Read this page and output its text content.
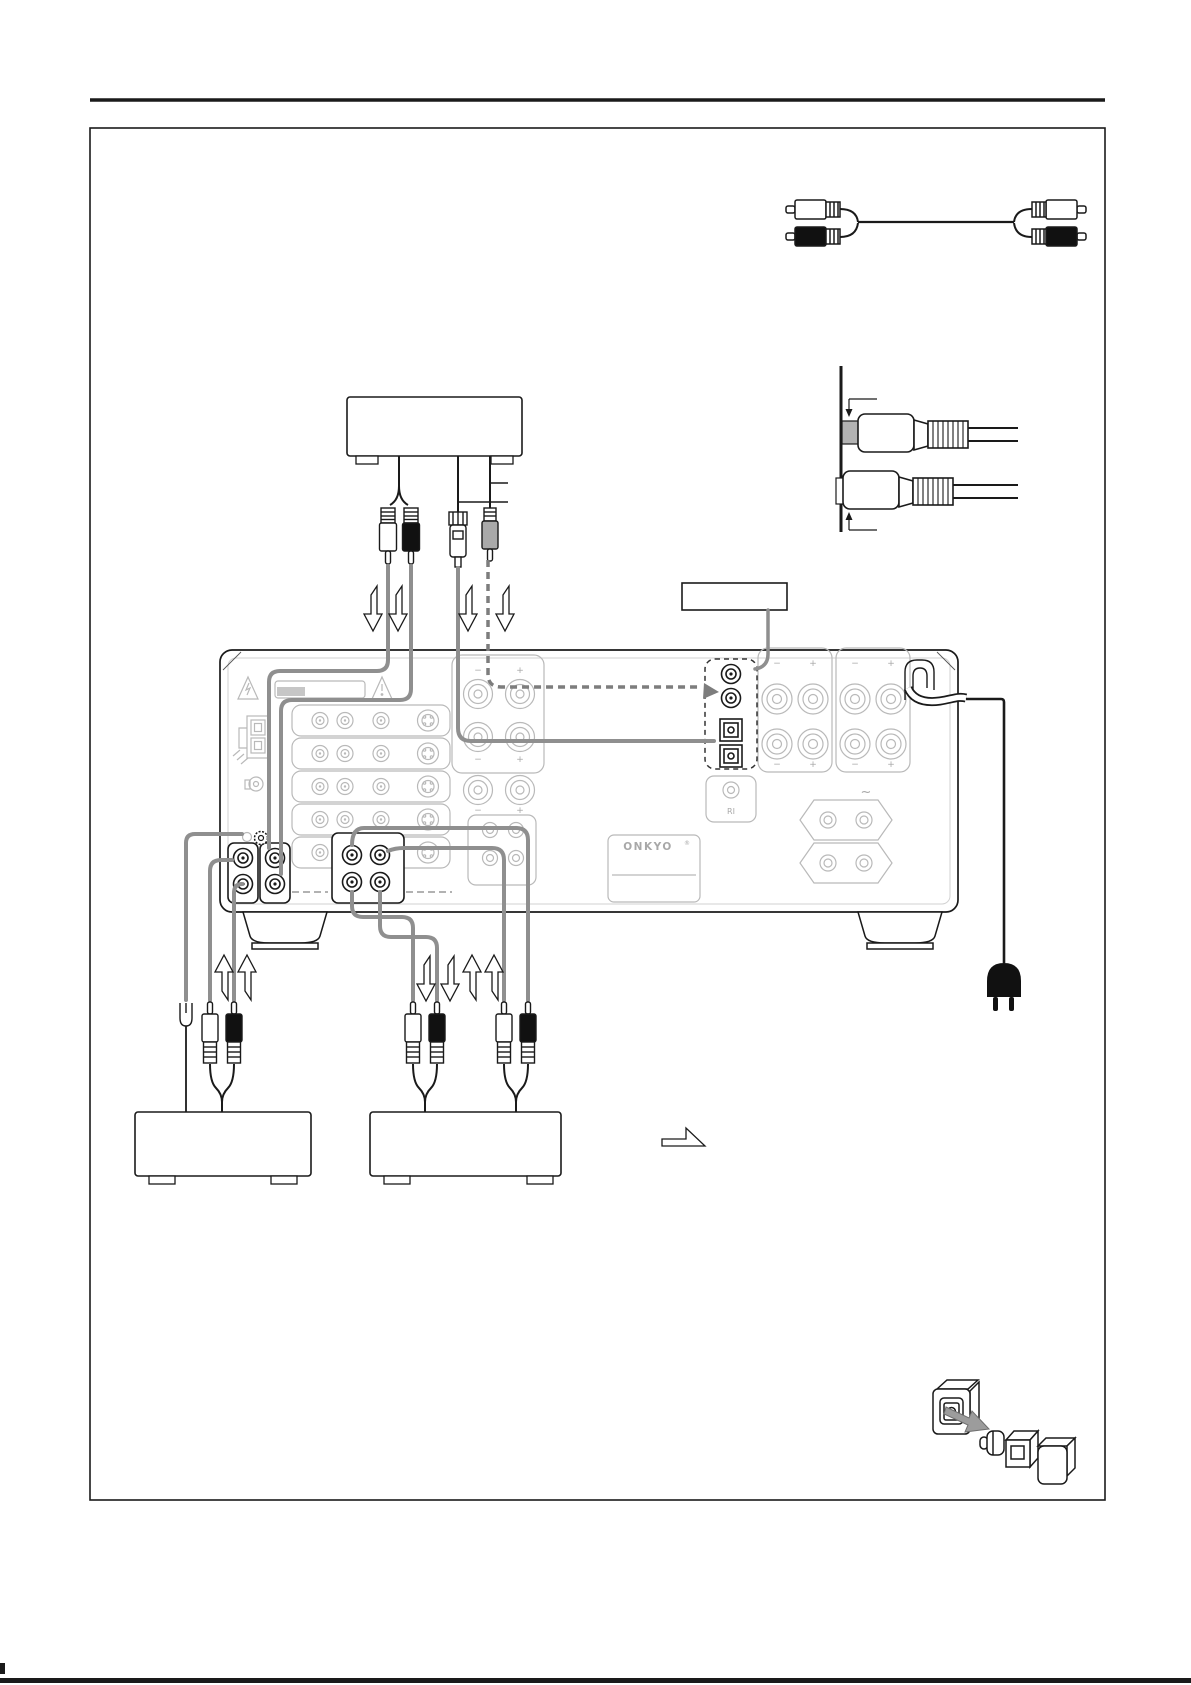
−	+
−	+
−	+
−	+	−	+
−	+	−	+
~
ONKYO ®
RI
